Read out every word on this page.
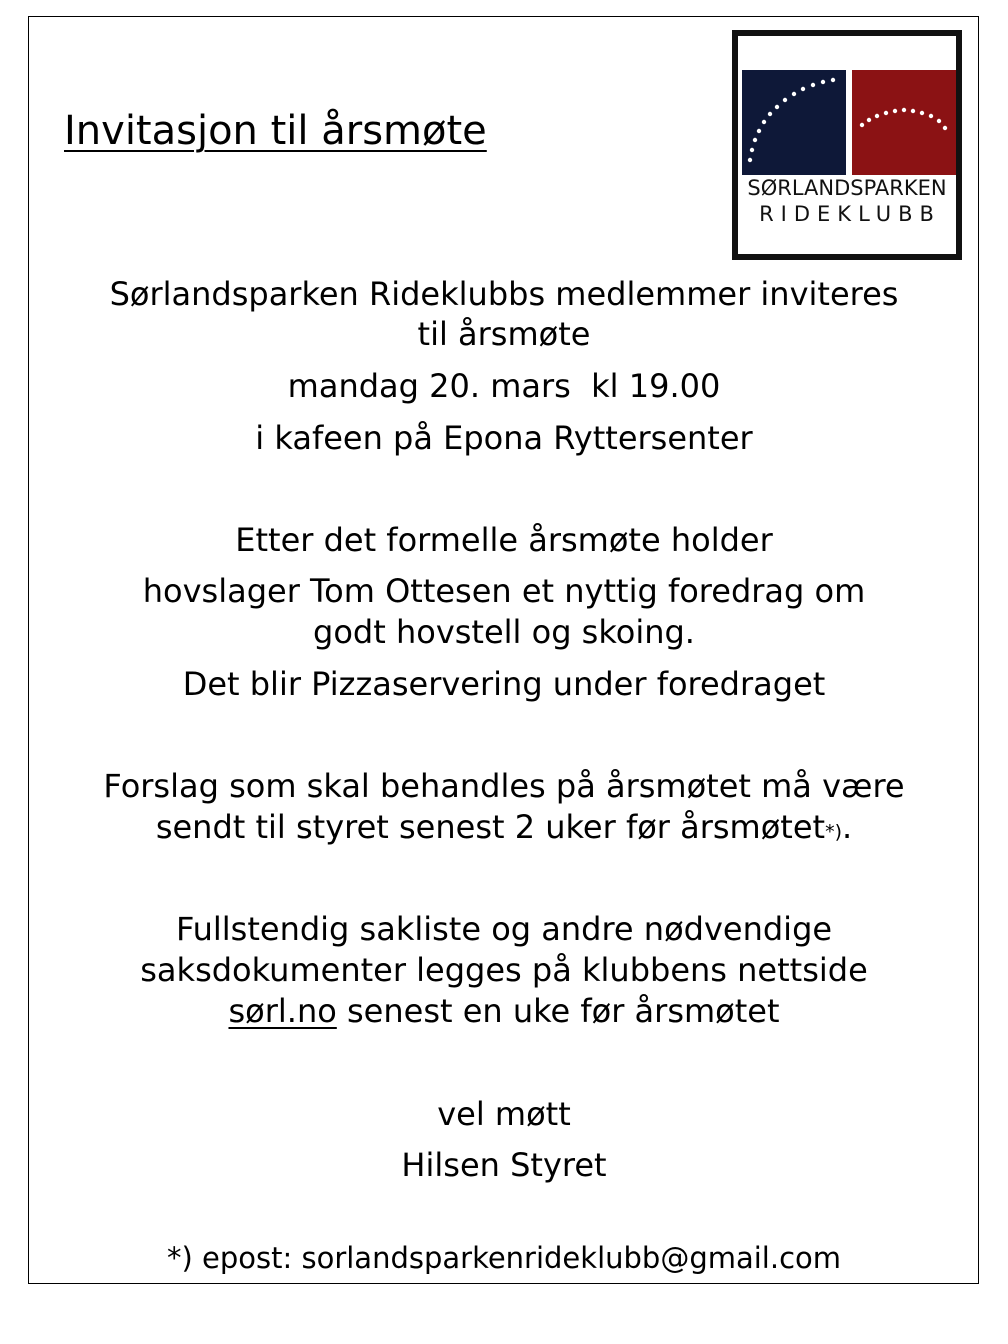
Invitasjon til årsmøte
SØRLANDSPARKEN
RIDEKLUBB
Sørlandsparken Rideklubbs medlemmer inviteres
til årsmøte
mandag 20. mars  kl 19.00
i kafeen på Epona Ryttersenter
Etter det formelle årsmøte holder
hovslager Tom Ottesen et nyttig foredrag om
godt hovstell og skoing.
Det blir Pizzaservering under foredraget
Forslag som skal behandles på årsmøtet må være
sendt til styret senest 2 uker før årsmøtet*).
Fullstendig sakliste og andre nødvendige
saksdokumenter legges på klubbens nettside
sørl.no senest en uke før årsmøtet
vel møtt
Hilsen Styret
*) epost: sorlandsparkenrideklubb@gmail.com
